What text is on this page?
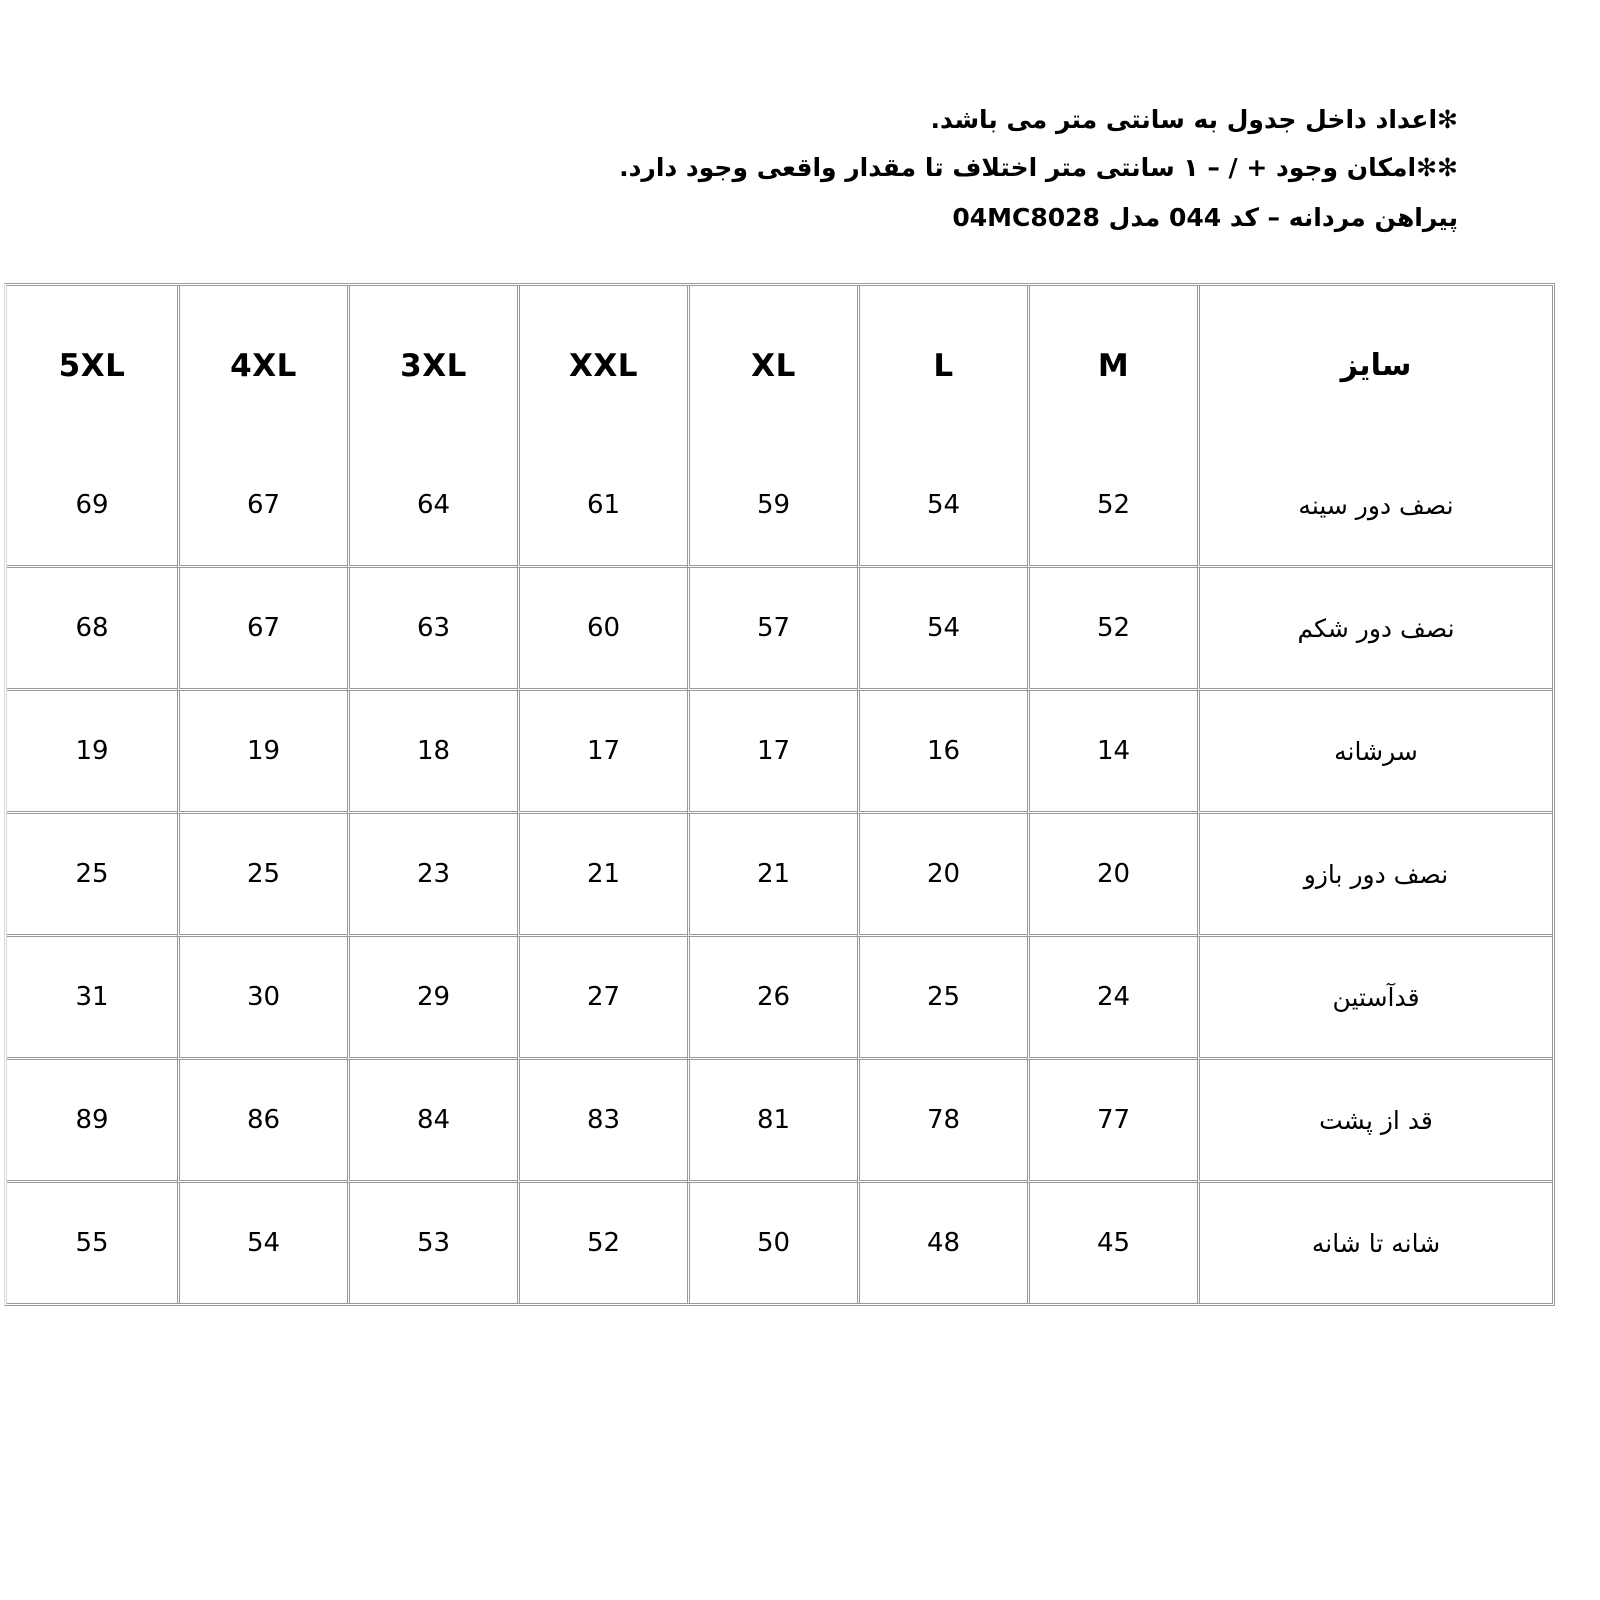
✻اعداد داخل جدول به سانتی متر می باشد.
✻✻امکان وجود + / – ۱ سانتی متر اختلاف تا مقدار واقعی وجود دارد.
پیراهن مردانه – کد 044 مدل 04MC8028
سایز	M	L	XL	XXL	3XL	4XL	5XL
نصف دور سینه	52	54	59	61	64	67	69
نصف دور شکم	52	54	57	60	63	67	68
سرشانه	14	16	17	17	18	19	19
نصف دور بازو	20	20	21	21	23	25	25
قدآستین	24	25	26	27	29	30	31
قد از پشت	77	78	81	83	84	86	89
شانه تا شانه	45	48	50	52	53	54	55
